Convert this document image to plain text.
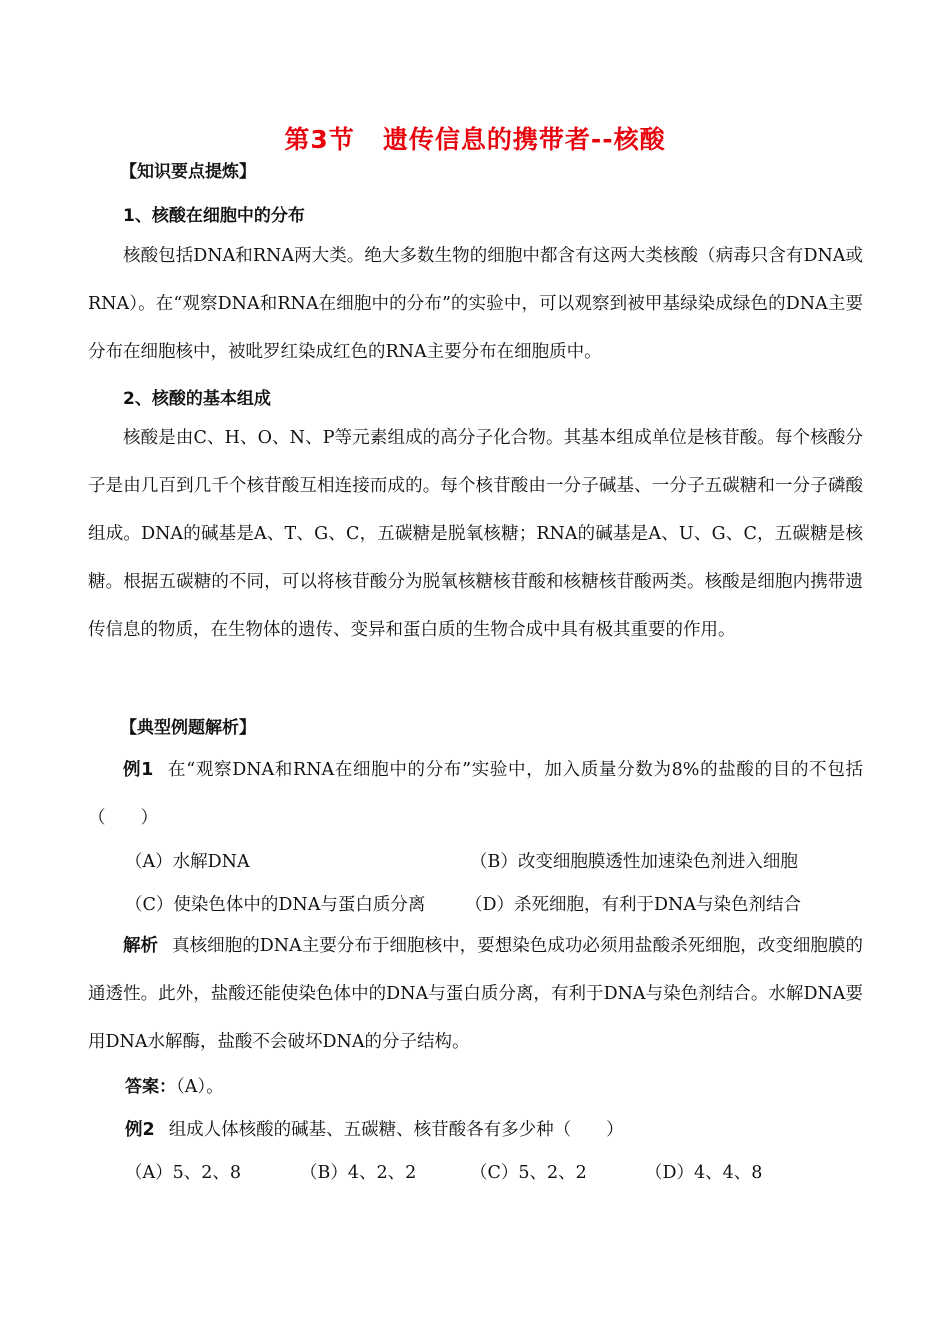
第3节 遗传信息的携带者--核酸
【知识要点提炼】
1、核酸在细胞中的分布

核酸包括DNA和RNA两大类。绝大多数生物的细胞中都含有这两大类核酸（病毒只含有DNA或RNA）。在“观察DNA和RNA在细胞中的分布”的实验中，可以观察到被甲基绿染成绿色的DNA主要分布在细胞核中，被吡罗红染成红色的RNA主要分布在细胞质中。

2、核酸的基本组成

核酸是由C、H、O、N、P等元素组成的高分子化合物。其基本组成单位是核苷酸。每个核酸分子是由几百到几千个核苷酸互相连接而成的。每个核苷酸由一分子碱基、一分子五碳糖和一分子磷酸组成。DNA的碱基是A、T、G、C，五碳糖是脱氧核糖；RNA的碱基是A、U、G、C，五碳糖是核糖。根据五碳糖的不同，可以将核苷酸分为脱氧核糖核苷酸和核糖核苷酸两类。核酸是细胞内携带遗传信息的物质，在生物体的遗传、变异和蛋白质的生物合成中具有极其重要的作用。

【典型例题解析】

例1 在“观察DNA和RNA在细胞中的分布”实验中，加入质量分数为8%的盐酸的目的不包括（　　）

（A）水解DNA	（B）改变细胞膜透性加速染色剂进入细胞
（C）使染色体中的DNA与蛋白质分离 （D）杀死细胞，有利于DNA与染色剂结合

解析 真核细胞的DNA主要分布于细胞核中，要想染色成功必须用盐酸杀死细胞，改变细胞膜的通透性。此外，盐酸还能使染色体中的DNA与蛋白质分离，有利于DNA与染色剂结合。水解DNA要用DNA水解酶，盐酸不会破坏DNA的分子结构。

答案：（A）。
例2 组成人体核酸的碱基、五碳糖、核苷酸各有多少种（　　）
（A）5、2、8	（B）4、2、2	（C）5、2、2	（D）4、4、8
